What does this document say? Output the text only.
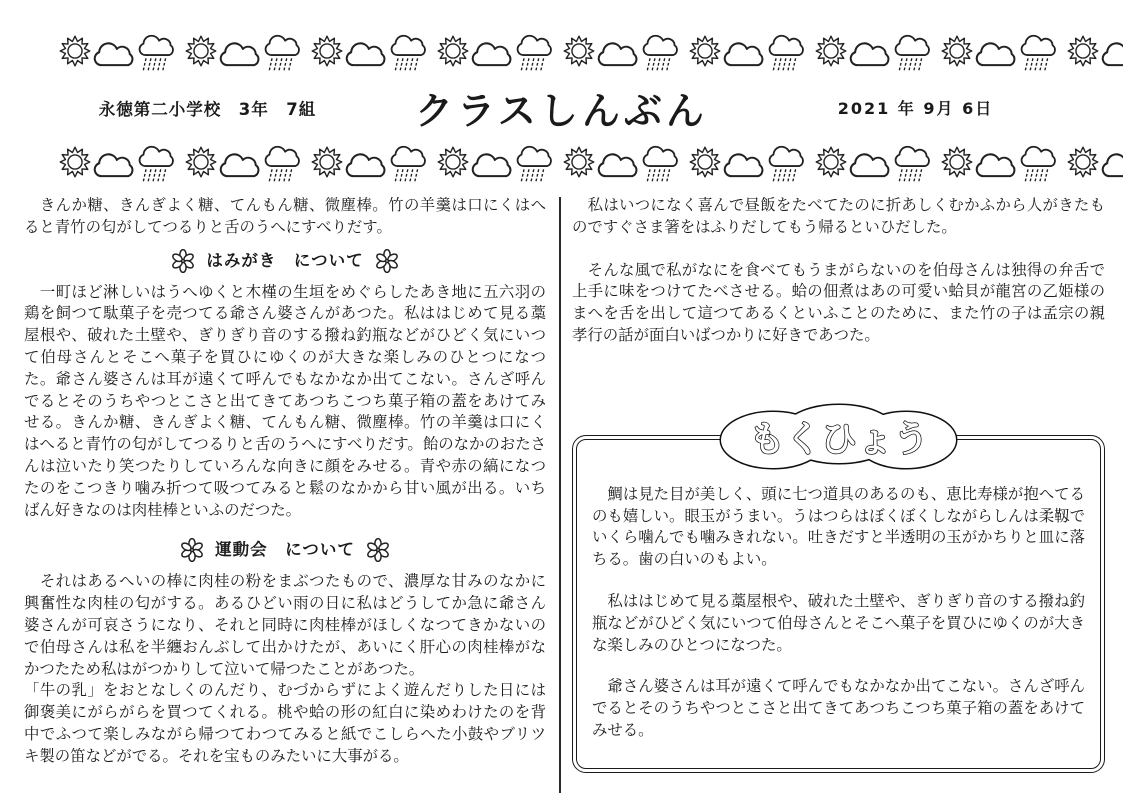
永徳第二小学校　3年　7組	クラスしんぶん	2021 年 9月 6日

　きんか糖、きんぎよく糖、てんもん糖、微塵棒。竹の羊羹は口にくはへると青竹の匂がしてつるりと舌のうへにすべりだす。

はみがき　について

　一町ほど淋しいはうへゆくと木槿の生垣をめぐらしたあき地に五六羽の鶏を飼つて駄菓子を売つてる爺さん婆さんがあつた。私ははじめて見る藁屋根や、破れた土壁や、ぎりぎり音のする撥ね釣瓶などがひどく気にいつて伯母さんとそこへ菓子を買ひにゆくのが大きな楽しみのひとつになつた。爺さん婆さんは耳が遠くて呼んでもなかなか出てこない。さんざ呼んでるとそのうちやつとこさと出てきてあつちこつち菓子箱の蓋をあけてみせる。きんか糖、きんぎよく糖、てんもん糖、微塵棒。竹の羊羹は口にくはへると青竹の匂がしてつるりと舌のうへにすべりだす。飴のなかのおたさんは泣いたり笑つたりしていろんな向きに顔をみせる。青や赤の縞になつたのをこつきり噛み折つて吸つてみると鬆のなかから甘い風が出る。いちばん好きなのは肉桂棒といふのだつた。

運動会　について

　それはあるへいの棒に肉桂の粉をまぶつたもので、濃厚な甘みのなかに興奮性な肉桂の匂がする。あるひどい雨の日に私はどうしてか急に爺さん婆さんが可哀さうになり、それと同時に肉桂棒がほしくなつてきかないので伯母さんは私を半纏おんぶして出かけたが、あいにく肝心の肉桂棒がなかつたため私はがつかりして泣いて帰つたことがあつた。

「牛の乳」をおとなしくのんだり、むづからずによく遊んだりした日には御褒美にがらがらを買つてくれる。桃や蛤の形の紅白に染めわけたのを背中でふつて楽しみながら帰つてわつてみると紙でこしらへた小鼓やブリツキ製の笛などがでる。それを宝ものみたいに大事がる。

　私はいつになく喜んで昼飯をたべてたのに折あしくむかふから人がきたものですぐさま箸をはふりだしてもう帰るといひだした。

　そんな風で私がなにを食べてもうまがらないのを伯母さんは独得の弁舌で上手に味をつけてたべさせる。蛤の佃煮はあの可愛い蛤貝が龍宮の乙姫様のまへを舌を出して這つてあるくといふことのために、また竹の子は孟宗の親孝行の話が面白いばつかりに好きであつた。

もくひょう

　鯛は見た目が美しく、頭に七つ道具のあるのも、恵比寿様が抱へてるのも嬉しい。眼玉がうまい。うはつらはぼくぼくしながらしんは柔靱でいくら噛んでも噛みきれない。吐きだすと半透明の玉がかちりと皿に落ちる。歯の白いのもよい。

　私ははじめて見る藁屋根や、破れた土壁や、ぎりぎり音のする撥ね釣瓶などがひどく気にいつて伯母さんとそこへ菓子を買ひにゆくのが大きな楽しみのひとつになつた。

　爺さん婆さんは耳が遠くて呼んでもなかなか出てこない。さんざ呼んでるとそのうちやつとこさと出てきてあつちこつち菓子箱の蓋をあけてみせる。
